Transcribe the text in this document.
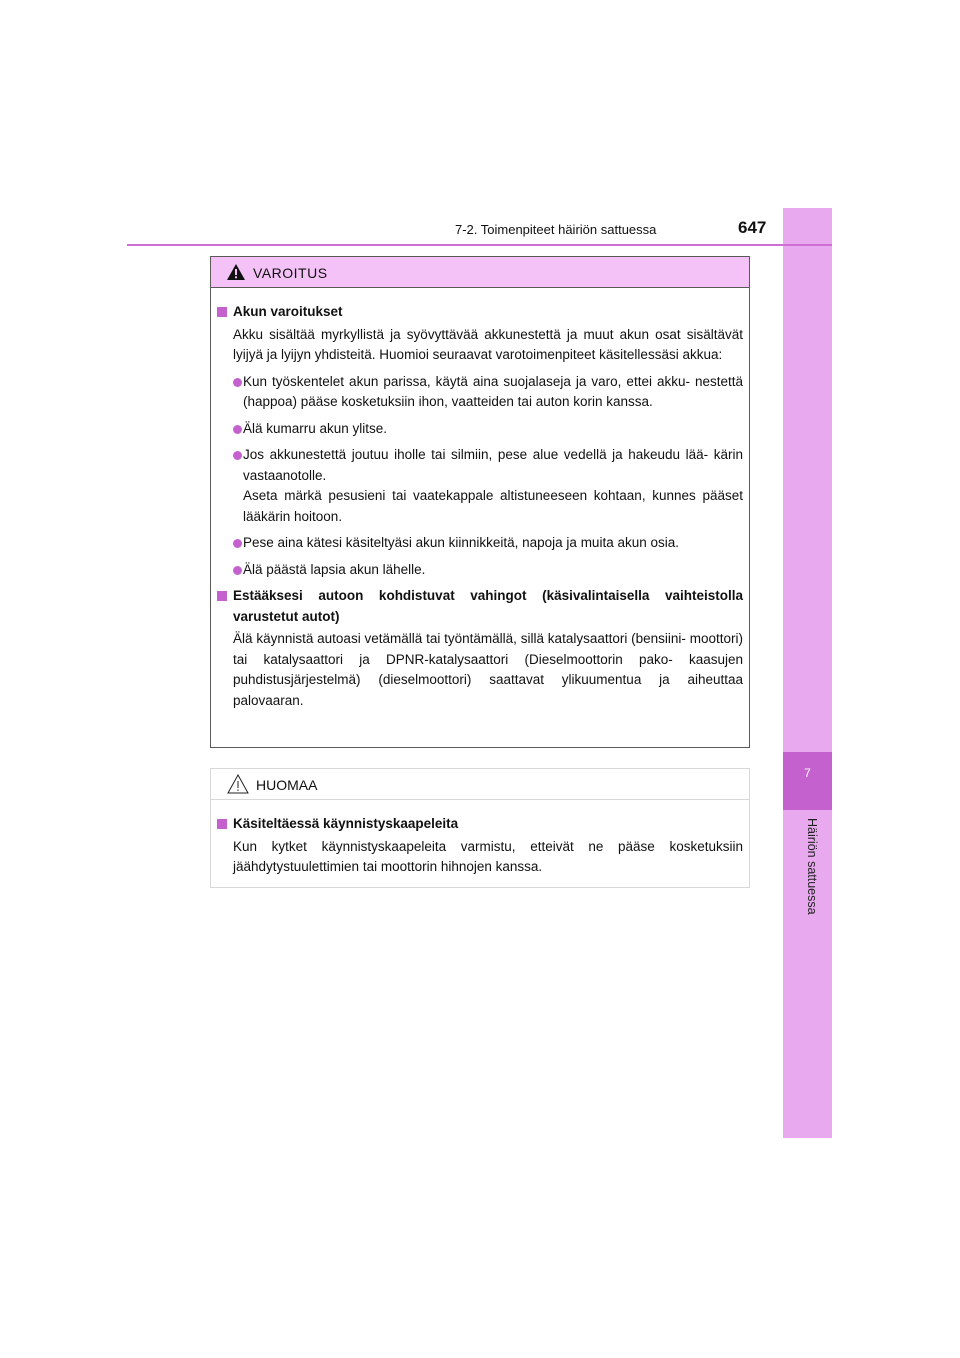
7
Häiriön sattuessa
7-2. Toimenpiteet häiriön sattuessa	647
VAROITUS
Akun varoitukset

Akku sisältää myrkyllistä ja syövyttävää akkunestettä ja muut akun osat sisältävät lyijyä ja lyijyn yhdisteitä. Huomioi seuraavat varotoimenpiteet käsitellessäsi akkua:

Kun työskentelet akun parissa, käytä aina suojalaseja ja varo, ettei akku- nestettä (happoa) pääse kosketuksiin ihon, vaatteiden tai auton korin kanssa.

Älä kumarru akun ylitse.

Jos akkunestettä joutuu iholle tai silmiin, pese alue vedellä ja hakeudu lää- kärin vastaanotolle.

Aseta märkä pesusieni tai vaatekappale altistuneeseen kohtaan, kunnes pääset lääkärin hoitoon.

Pese aina kätesi käsiteltyäsi akun kiinnikkeitä, napoja ja muita akun osia.

Älä päästä lapsia akun lähelle.

Estääksesi autoon kohdistuvat vahingot (käsivalintaisella vaihteistolla varustetut autot)

Älä käynnistä autoasi vetämällä tai työntämällä, sillä katalysaattori (bensiini- moottori) tai katalysaattori ja DPNR-katalysaattori (Dieselmoottorin pako- kaasujen puhdistusjärjestelmä) (dieselmoottori) saattavat ylikuumentua ja aiheuttaa palovaaran.

HUOMAA
Käsiteltäessä käynnistyskaapeleita

Kun kytket käynnistyskaapeleita varmistu, etteivät ne pääse kosketuksiin jäähdytystuulettimien tai moottorin hihnojen kanssa.
